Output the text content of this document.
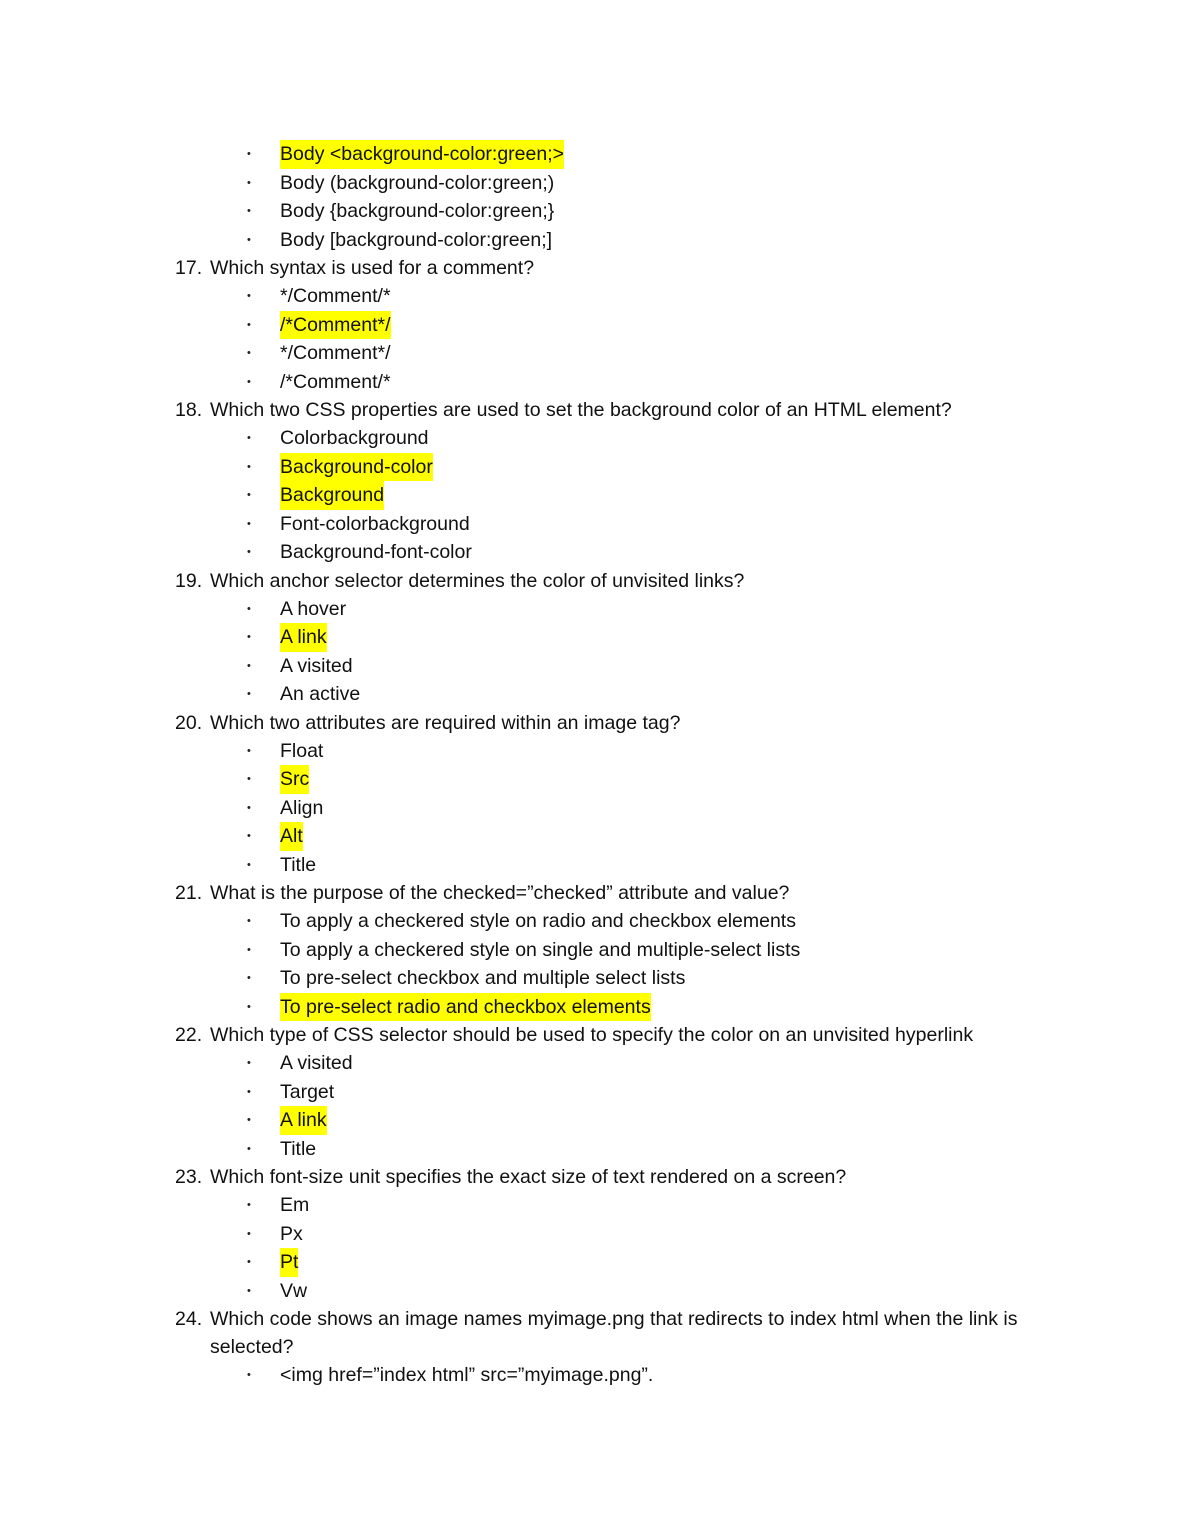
• Body <background-color:green;>
• Body (background-color:green;)
• Body {background-color:green;}
• Body [background-color:green;]
17. Which syntax is used for a comment?
• */Comment/*
• /*Comment*/
• */Comment*/
• /*Comment/*
18. Which two CSS properties are used to set the background color of an HTML element?
• Colorbackground
• Background-color
• Background
• Font-colorbackground
• Background-font-color
19. Which anchor selector determines the color of unvisited links?
• A hover
• A link
• A visited
• An active
20. Which two attributes are required within an image tag?
• Float
• Src
• Align
• Alt
• Title
21. What is the purpose of the checked=”checked” attribute and value?
• To apply a checkered style on radio and checkbox elements
• To apply a checkered style on single and multiple-select lists
• To pre-select checkbox and multiple select lists
• To pre-select radio and checkbox elements
22. Which type of CSS selector should be used to specify the color on an unvisited hyperlink
• A visited
• Target
• A link
• Title
23. Which font-size unit specifies the exact size of text rendered on a screen?
• Em
• Px
• Pt
• Vw
24. Which code shows an image names myimage.png that redirects to index html when the link is selected?
• <img href=”index html” src=”myimage.png”.
